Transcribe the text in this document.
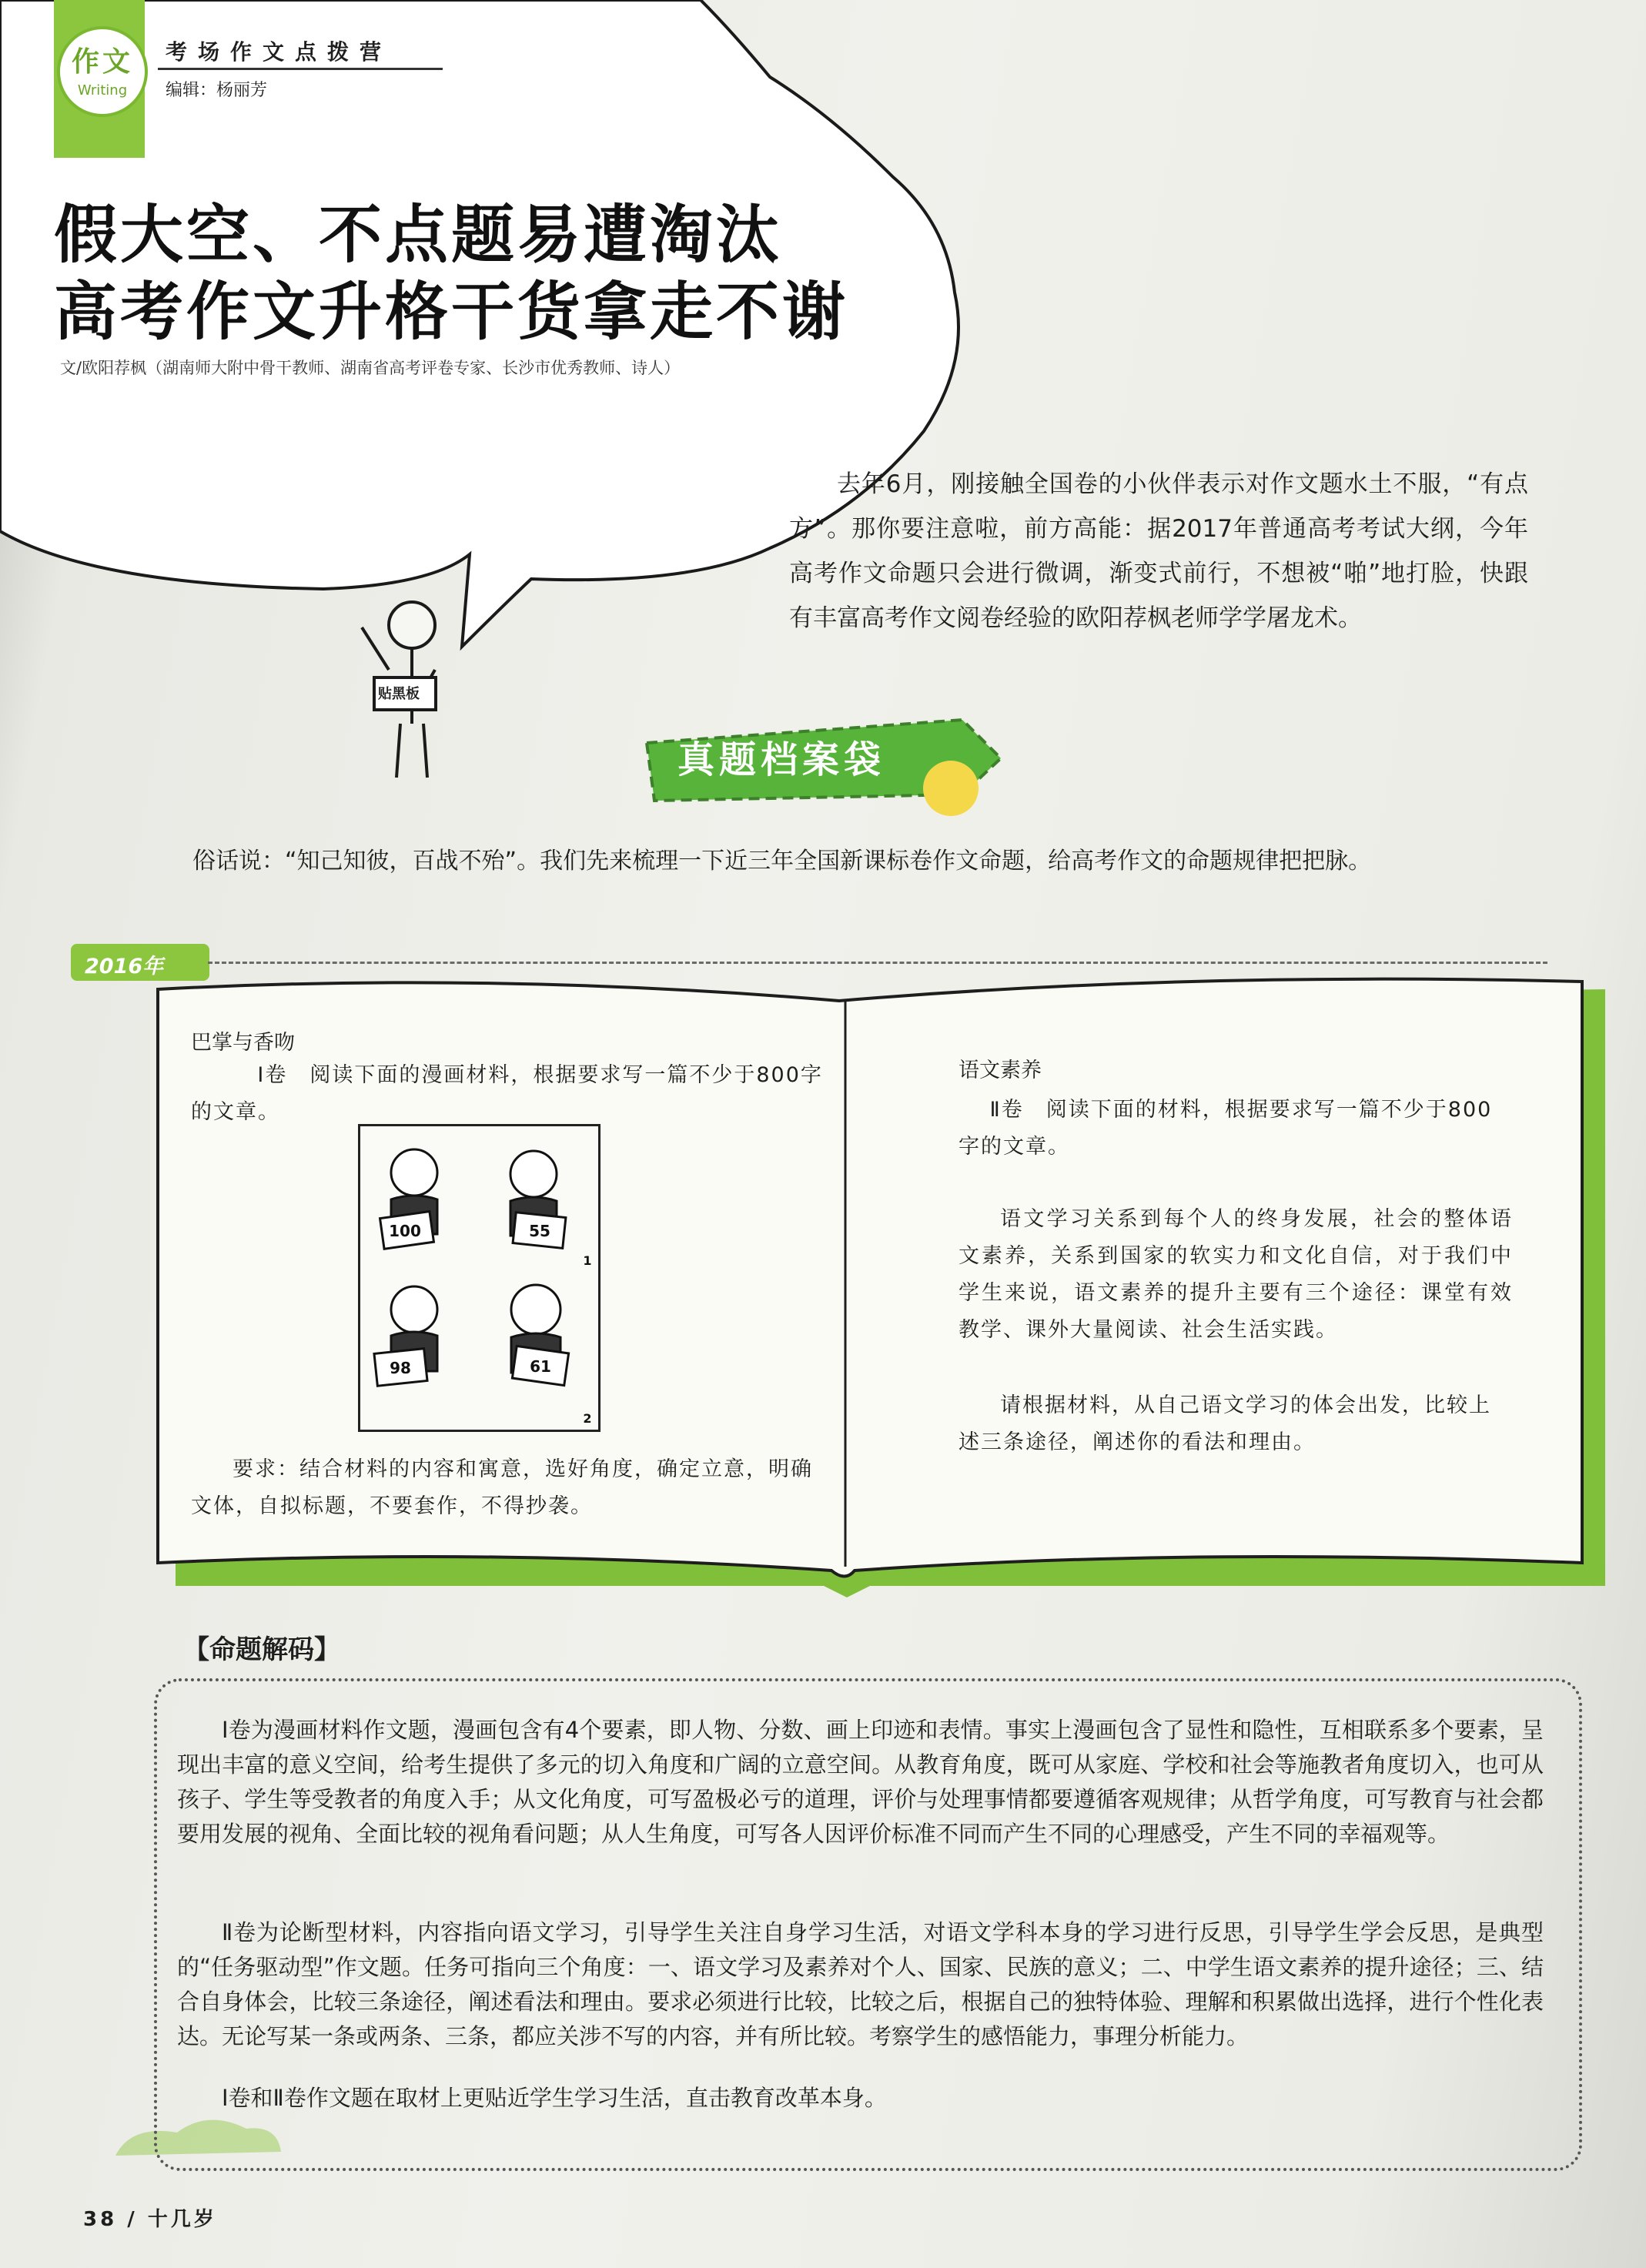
作文
Writing
考场作文点拨营
编辑：杨丽芳
假大空、不点题易遭淘汰
高考作文升格干货拿走不谢
文/欧阳荐枫（湖南师大附中骨干教师、湖南省高考评卷专家、长沙市优秀教师、诗人）
去年6月，刚接触全国卷的小伙伴表示对作文题水土不服，“有点方”。那你要注意啦，前方高能：据2017年普通高考考试大纲，今年高考作文命题只会进行微调，渐变式前行，不想被“啪”地打脸，快跟有丰富高考作文阅卷经验的欧阳荐枫老师学学屠龙术。
贴黑板
真题档案袋
俗话说：“知己知彼，百战不殆”。我们先来梳理一下近三年全国新课标卷作文命题，给高考作文的命题规律把把脉。
2016年
巴掌与香吻
Ⅰ卷　阅读下面的漫画材料，根据要求写一篇不少于800字的文章。
100	55
98	61
1
2
要求：结合材料的内容和寓意，选好角度，确定立意，明确文体，自拟标题，不要套作，不得抄袭。
语文素养
Ⅱ卷　阅读下面的材料，根据要求写一篇不少于800字的文章。
语文学习关系到每个人的终身发展，社会的整体语文素养，关系到国家的软实力和文化自信，对于我们中学生来说，语文素养的提升主要有三个途径：课堂有效教学、课外大量阅读、社会生活实践。
请根据材料，从自己语文学习的体会出发，比较上述三条途径，阐述你的看法和理由。
【命题解码】
Ⅰ卷为漫画材料作文题，漫画包含有4个要素，即人物、分数、画上印迹和表情。事实上漫画包含了显性和隐性，互相联系多个要素，呈现出丰富的意义空间，给考生提供了多元的切入角度和广阔的立意空间。从教育角度，既可从家庭、学校和社会等施教者角度切入，也可从孩子、学生等受教者的角度入手；从文化角度，可写盈极必亏的道理，评价与处理事情都要遵循客观规律；从哲学角度，可写教育与社会都要用发展的视角、全面比较的视角看问题；从人生角度，可写各人因评价标准不同而产生不同的心理感受，产生不同的幸福观等。
Ⅱ卷为论断型材料，内容指向语文学习，引导学生关注自身学习生活，对语文学科本身的学习进行反思，引导学生学会反思，是典型的“任务驱动型”作文题。任务可指向三个角度：一、语文学习及素养对个人、国家、民族的意义；二、中学生语文素养的提升途径；三、结合自身体会，比较三条途径，阐述看法和理由。要求必须进行比较，比较之后，根据自己的独特体验、理解和积累做出选择，进行个性化表达。无论写某一条或两条、三条，都应关涉不写的内容，并有所比较。考察学生的感悟能力，事理分析能力。
Ⅰ卷和Ⅱ卷作文题在取材上更贴近学生学习生活，直击教育改革本身。
38 / 十几岁
